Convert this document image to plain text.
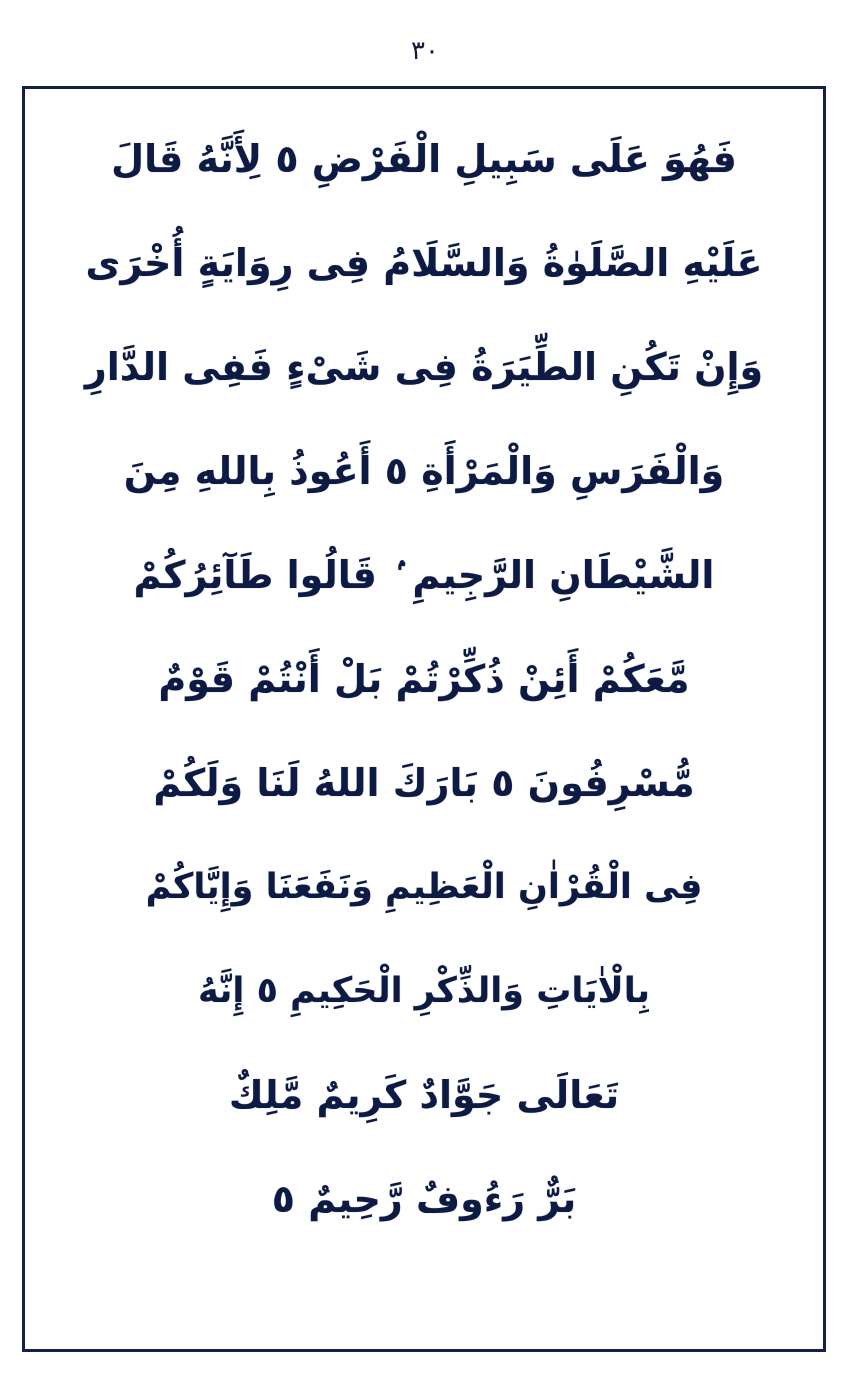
٣٠
فَهُوَ عَلَى سَبِيلِ الْفَرْضِ ٥ لِأَنَّهُ قَالَ
عَلَيْهِ الصَّلَوٰةُ وَالسَّلَامُ فِى رِوَايَةٍ أُخْرَى
وَإِنْ تَكُنِ الطِّيَرَةُ فِى شَىْءٍ فَفِى الدَّارِ
وَالْفَرَسِ وَالْمَرْأَةِ ٥ أَعُوذُ بِاللهِ مِنَ
الشَّيْطَانِ الرَّجِيمِ ۢ قَالُوا طَآئِرُكُمْ
مَّعَكُمْ أَئِنْ ذُكِّرْتُمْ بَلْ أَنْتُمْ قَوْمٌ
مُّسْرِفُونَ ٥ بَارَكَ اللهُ لَنَا وَلَكُمْ
فِى الْقُرْاٰنِ الْعَظِيمِ وَنَفَعَنَا وَإِيَّاكُمْ
بِالْاٰيَاتِ وَالذِّكْرِ الْحَكِيمِ ٥ إِنَّهُ
تَعَالَى جَوَّادٌ كَرِيمٌ مَّلِكٌ
بَرٌّ رَءُوفٌ رَّحِيمٌ ٥
